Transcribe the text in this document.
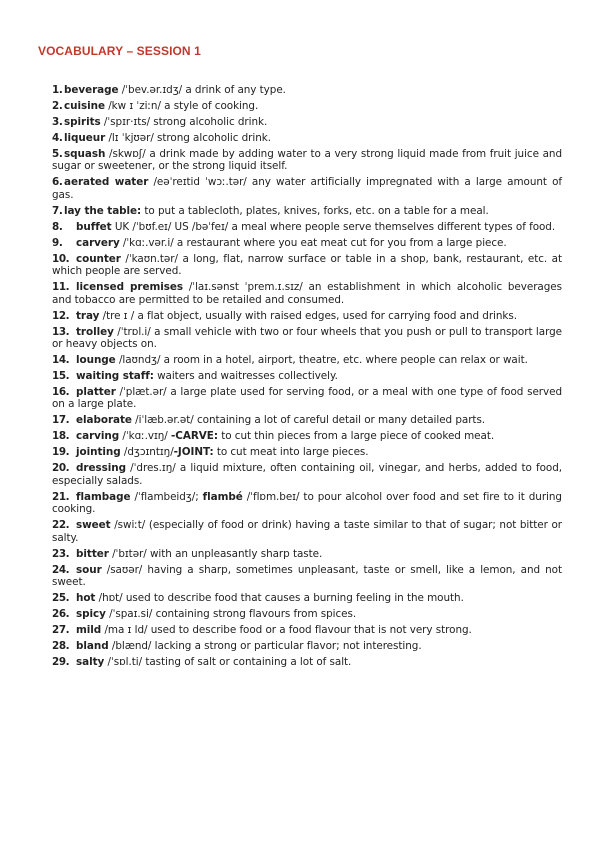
VOCABULARY – SESSION 1
1. beverage /ˈbev.ər.ɪdʒ/ a drink of any type.
2. cuisine /kw ɪ ˈziːn/ a style of cooking.
3. spirits /ˈspɪr·ɪts/ strong alcoholic drink.
4. liqueur /lɪ ˈkjʊər/ strong alcoholic drink.
5. squash /skwɒʃ/ a drink made by adding water to a very strong liquid made from fruit juice and sugar or sweetener, or the strong liquid itself.
6. aerated water /eəˈreɪtid ˈwɔː.tər/ any water artificially impregnated with a large amount of gas.
7. lay the table: to put a tablecloth, plates, knives, forks, etc. on a table for a meal.
8. buffet UK /ˈbʊf.eɪ/ US /bəˈfeɪ/ a meal where people serve themselves different types of food.
9. carvery /ˈkɑː.vər.i/ a restaurant where you eat meat cut for you from a large piece.
10. counter /ˈkaʊn.tər/ a long, flat, narrow surface or table in a shop, bank, restaurant, etc. at which people are served.
11. licensed premises /ˈlaɪ.sənst ˈprem.ɪ.sɪz/ an establishment in which alcoholic beverages and tobacco are permitted to be retailed and consumed.
12. tray /tre ɪ / a flat object, usually with raised edges, used for carrying food and drinks.
13. trolley /ˈtrɒl.i/ a small vehicle with two or four wheels that you push or pull to transport large or heavy objects on.
14. lounge /laʊndʒ/ a room in a hotel, airport, theatre, etc. where people can relax or wait.
15. waiting staff: waiters and waitresses collectively.
16. platter /ˈplæt.ər/ a large plate used for serving food, or a meal with one type of food served on a large plate.
17. elaborate /iˈlæb.ər.ət/ containing a lot of careful detail or many detailed parts.
18. carving /ˈkɑː.vɪŋ/ -CARVE: to cut thin pieces from a large piece of cooked meat.
19. jointing /dʒɔɪntɪŋ/-JOINT: to cut meat into large pieces.
20. dressing /ˈdres.ɪŋ/ a liquid mixture, often containing oil, vinegar, and herbs, added to food, especially salads.
21. flambage /ˈflambeidʒ/; flambé /ˈflɒm.beɪ/ to pour alcohol over food and set fire to it during cooking.
22. sweet /swiːt/ (especially of food or drink) having a taste similar to that of sugar; not bitter or salty.
23. bitter /ˈbɪtər/ with an unpleasantly sharp taste.
24. sour /saʊər/ having a sharp, sometimes unpleasant, taste or smell, like a lemon, and not sweet.
25. hot /hɒt/ used to describe food that causes a burning feeling in the mouth.
26. spicy /ˈspaɪ.si/ containing strong flavours from spices.
27. mild /ma ɪ ld/ used to describe food or a food flavour that is not very strong.
28. bland /blænd/ lacking a strong or particular flavor; not interesting.
29. salty /ˈsɒl.ti/ tasting of salt or containing a lot of salt.
